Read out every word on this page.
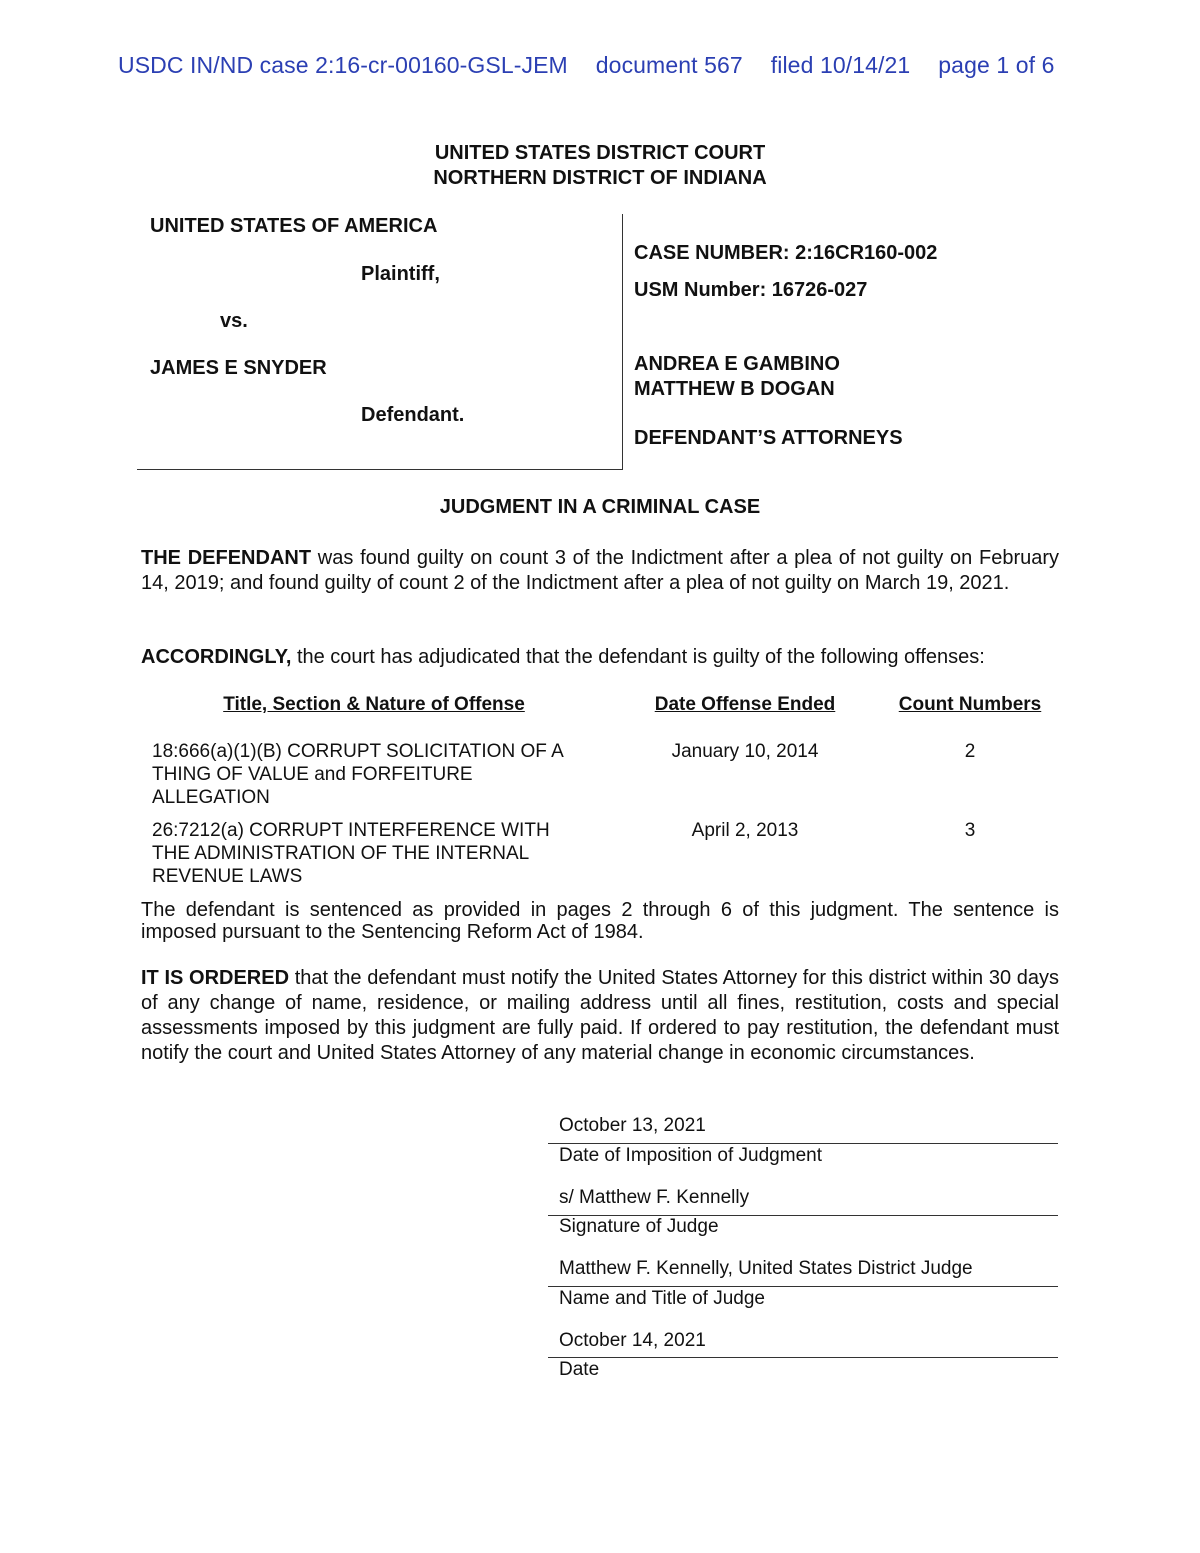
USDC IN/ND case 2:16-cr-00160-GSL-JEM document 567 filed 10/14/21 page 1 of 6
UNITED STATES DISTRICT COURT
NORTHERN DISTRICT OF INDIANA
UNITED STATES OF AMERICA
Plaintiff,
vs.
JAMES E SNYDER
Defendant.
CASE NUMBER: 2:16CR160-002
USM Number: 16726-027
ANDREA E GAMBINO
MATTHEW B DOGAN
DEFENDANT’S ATTORNEYS
JUDGMENT IN A CRIMINAL CASE
THE DEFENDANT was found guilty on count 3 of the Indictment after a plea of not guilty on February 14, 2019; and found guilty of count 2 of the Indictment after a plea of not guilty on March 19, 2021.
ACCORDINGLY, the court has adjudicated that the defendant is guilty of the following offenses:
Title, Section & Nature of Offense	Date Offense Ended	Count Numbers
18:666(a)(1)(B) CORRUPT SOLICITATION OF A
THING OF VALUE and FORFEITURE
ALLEGATION
January 10, 2014	2
26:7212(a) CORRUPT INTERFERENCE WITH
THE ADMINISTRATION OF THE INTERNAL
REVENUE LAWS
April 2, 2013	3
The defendant is sentenced as provided in pages 2 through 6 of this judgment. The sentence is imposed pursuant to the Sentencing Reform Act of 1984.
IT IS ORDERED that the defendant must notify the United States Attorney for this district within 30 days of any change of name, residence, or mailing address until all fines, restitution, costs and special assessments imposed by this judgment are fully paid. If ordered to pay restitution, the defendant must notify the court and United States Attorney of any material change in economic circumstances.
October 13, 2021
Date of Imposition of Judgment
s/ Matthew F. Kennelly
Signature of Judge
Matthew F. Kennelly, United States District Judge
Name and Title of Judge
October 14, 2021
Date
